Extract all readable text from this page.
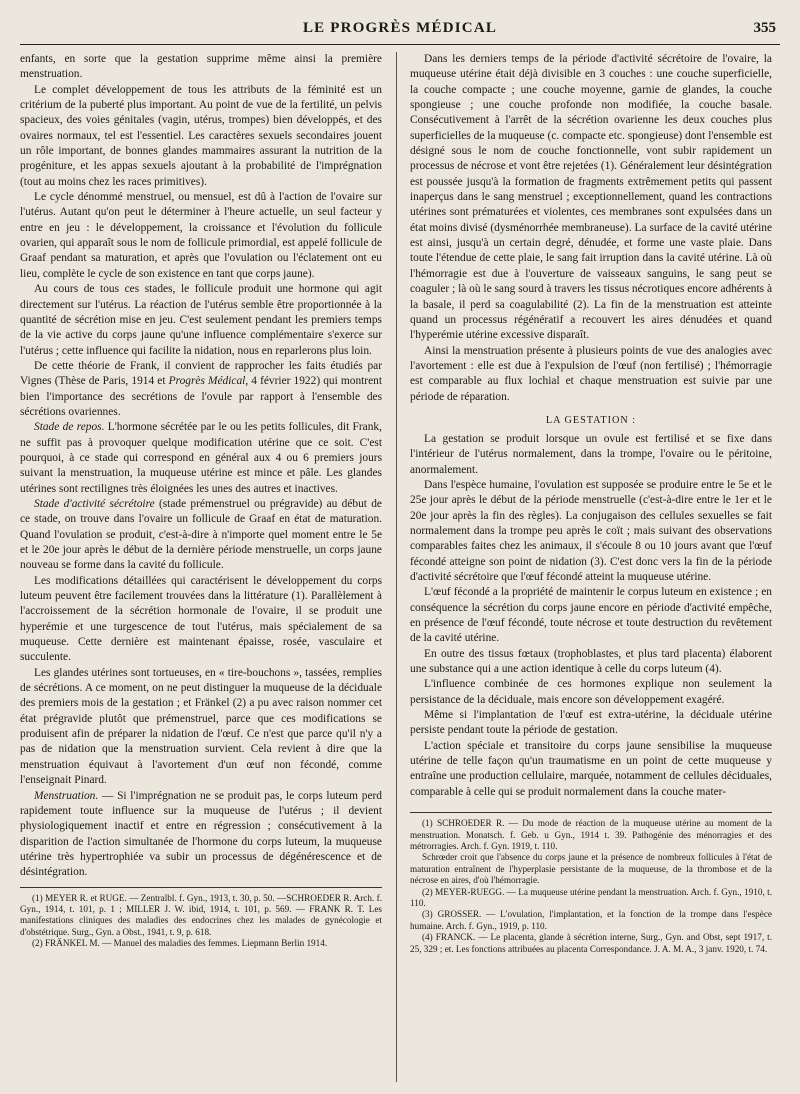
LE PROGRÈS MÉDICAL	355

enfants, en sorte que la gestation supprime même ainsi la première menstruation.

Le complet développement de tous les attributs de la féminité est un critérium de la puberté plus important. Au point de vue de la fertilité, un pelvis spacieux, des voies génitales (vagin, utérus, trompes) bien développés, et des ovaires normaux, tel est l'essentiel. Les caractères sexuels secondaires jouent un rôle important, de bonnes glandes mammaires assurant la nutrition de la progéniture, et les appas sexuels ajoutant à la probabilité de l'imprégnation (tout au moins chez les races primitives).

Le cycle dénommé menstruel, ou mensuel, est dû à l'action de l'ovaire sur l'utérus. Autant qu'on peut le déterminer à l'heure actuelle, un seul facteur y entre en jeu : le développement, la croissance et l'évolution du follicule ovarien, qui apparaît sous le nom de follicule primordial, est appelé follicule de Graaf pendant sa maturation, et après que l'ovulation ou l'éclatement ont eu lieu, complète le cycle de son existence en tant que corps jaune).

Au cours de tous ces stades, le follicule produit une hormone qui agit directement sur l'utérus. La réaction de l'utérus semble être proportionnée à la quantité de sécrétion mise en jeu. C'est seulement pendant les premiers temps de la vie active du corps jaune qu'une influence complémentaire s'exerce sur l'utérus ; cette influence qui facilite la nidation, nous en reparlerons plus loin.

De cette théorie de Frank, il convient de rapprocher les faits étudiés par Vignes (Thèse de Paris, 1914 et Progrès Médical, 4 février 1922) qui montrent bien l'importance des secrétions de l'ovule par rapport à l'ensemble des sécrétions ovariennes.

Stade de repos. L'hormone sécrétée par le ou les petits follicules, dit Frank, ne suffit pas à provoquer quelque modification utérine que ce soit. C'est pourquoi, à ce stade qui correspond en général aux 4 ou 6 premiers jours suivant la menstruation, la muqueuse utérine est mince et pâle. Les glandes utérines sont rectilignes très éloignées les unes des autres et inactives.

Stade d'activité sécrétoire (stade prémenstruel ou prégravide) au début de ce stade, on trouve dans l'ovaire un follicule de Graaf en état de maturation. Quand l'ovulation se produit, c'est-à-dire à n'importe quel moment entre le 5e et le 20e jour après le début de la dernière période menstruelle, un corps jaune nouveau se forme dans la cavité du follicule.

Les modifications détaillées qui caractérisent le développement du corps luteum peuvent être facilement trouvées dans la littérature (1). Parallèlement à l'accroissement de la sécrétion hormonale de l'ovaire, il se produit une hyperémie et une turgescence de tout l'utérus, mais spécialement de sa muqueuse. Cette dernière est maintenant épaisse, rosée, vasculaire et succulente.

Les glandes utérines sont tortueuses, en « tire-bouchons », tassées, remplies de sécrétions. A ce moment, on ne peut distinguer la muqueuse de la déciduale des premiers mois de la gestation ; et Fränkel (2) a pu avec raison nommer cet état prégravide plutôt que prémenstruel, parce que ces modifications se produisent afin de préparer la nidation de l'œuf. Ce n'est que parce qu'il n'y a pas de nidation que la menstruation survient. Cela revient à dire que la menstruation équivaut à l'avortement d'un œuf non fécondé, comme l'enseignait Pinard.

Menstruation. — Si l'imprégnation ne se produit pas, le corps luteum perd rapidement toute influence sur la muqueuse de l'utérus ; il devient physiologiquement inactif et entre en régression ; consécutivement à la disparition de l'action simultanée de l'hormone du corps luteum, la muqueuse utérine très hypertrophiée va subir un processus de dégénérescence et de désintégration.

(1) MEYER R. et RUGE. — Zentralbl. f. Gyn., 1913, t. 30, p. 50. —SCHROEDER R. Arch. f. Gyn., 1914, t. 101, p. 1 ; MILLER J. W. ibid, 1914, t. 101, p. 569. — FRANK R. T. Les manifestations cliniques des maladies des endocrines chez les malades de gynécologie et d'obstétrique. Surg., Gyn. a Obst., 1941, t. 9, p. 618.

(2) FRÄNKEL M. — Manuel des maladies des femmes. Liepmann Berlin 1914.

Dans les derniers temps de la période d'activité sécrétoire de l'ovaire, la muqueuse utérine était déjà divisible en 3 couches : une couche superficielle, la couche compacte ; une couche moyenne, garnie de glandes, la couche spongieuse ; une couche profonde non modifiée, la couche basale. Consécutivement à l'arrêt de la sécrétion ovarienne les deux couches plus superficielles de la muqueuse (c. compacte etc. spongieuse) dont l'ensemble est désigné sous le nom de couche fonctionnelle, vont subir rapidement un processus de nécrose et vont être rejetées (1). Généralement leur désintégration est poussée jusqu'à la formation de fragments extrêmement petits qui passent inaperçus dans le sang menstruel ; exceptionnellement, quand les contractions utérines sont prématurées et violentes, ces membranes sont expulsées dans un état moins divisé (dysménorrhée membraneuse). La surface de la cavité utérine est ainsi, jusqu'à un certain degré, dénudée, et forme une vaste plaie. Dans toute l'étendue de cette plaie, le sang fait irruption dans la cavité utérine. Là où l'hémorragie est due à l'ouverture de vaisseaux sanguins, le sang peut se coaguler ; là où le sang sourd à travers les tissus nécrotiques encore adhérents à la basale, il perd sa coagulabilité (2). La fin de la menstruation est atteinte quand un processus régénératif a recouvert les aires dénudées et quand l'hyperémie utérine excessive disparaît.

Ainsi la menstruation présente à plusieurs points de vue des analogies avec l'avortement : elle est due à l'expulsion de l'œuf (non fertilisé) ; l'hémorragie est comparable au flux lochial et chaque menstruation est suivie par une période de réparation.

LA GESTATION :

La gestation se produit lorsque un ovule est fertilisé et se fixe dans l'intérieur de l'utérus normalement, dans la trompe, l'ovaire ou le péritoine, anormalement.

Dans l'espèce humaine, l'ovulation est supposée se produire entre le 5e et le 25e jour après le début de la période menstruelle (c'est-à-dire entre le 1er et le 20e jour après la fin des règles). La conjugaison des cellules sexuelles se fait normalement dans la trompe peu après le coït ; mais suivant des observations comparables faites chez les animaux, il s'écoule 8 ou 10 jours avant que l'œuf fécondé atteigne son point de nidation (3). C'est donc vers la fin de la période d'activité sécrétoire que l'œuf fécondé atteint la muqueuse utérine.

L'œuf fécondé a la propriété de maintenir le corpus luteum en existence ; en conséquence la sécrétion du corps jaune encore en période d'activité empêche, en présence de l'œuf fécondé, toute nécrose et toute destruction du revêtement de la cavité utérine.

En outre des tissus fœtaux (trophoblastes, et plus tard placenta) élaborent une substance qui a une action identique à celle du corps luteum (4).

L'influence combinée de ces hormones explique non seulement la persistance de la déciduale, mais encore son développement exagéré.

Même si l'implantation de l'œuf est extra-utérine, la déciduale utérine persiste pendant toute la période de gestation.

L'action spéciale et transitoire du corps jaune sensibilise la muqueuse utérine de telle façon qu'un traumatisme en un point de cette muqueuse y entraîne une production cellulaire, marquée, notamment de cellules déciduales, comparable à celle qui se produit normalement dans la couche mater-

(1) SCHROEDER R. — Du mode de réaction de la muqueuse utérine au moment de la menstruation. Monatsch. f. Geb. u Gyn., 1914 t. 39. Pathogénie des ménorragies et des métrorragies. Arch. f. Gyn. 1919, t. 110.

Schrœder croit que l'absence du corps jaune et la présence de nombreux follicules à l'état de maturation entraînent de l'hyperplasie persistante de la muqueuse, de la thrombose et de la nécrose en aires, d'où l'hémorragie.

(2) MEYER-RUEGG. — La muqueuse utérine pendant la menstruation. Arch. f. Gyn., 1910, t. 110.

(3) GROSSER. — L'ovulation, l'implantation, et la fonction de la trompe dans l'espèce humaine. Arch. f. Gyn., 1919, p. 110.

(4) FRANCK. — Le placenta, glande à sécrétion interne, Surg., Gyn. and Obst, sept 1917, t. 25, 329 ; et. Les fonctions attribuées au placenta Correspondance. J. A. M. A., 3 janv. 1920, t. 74.
